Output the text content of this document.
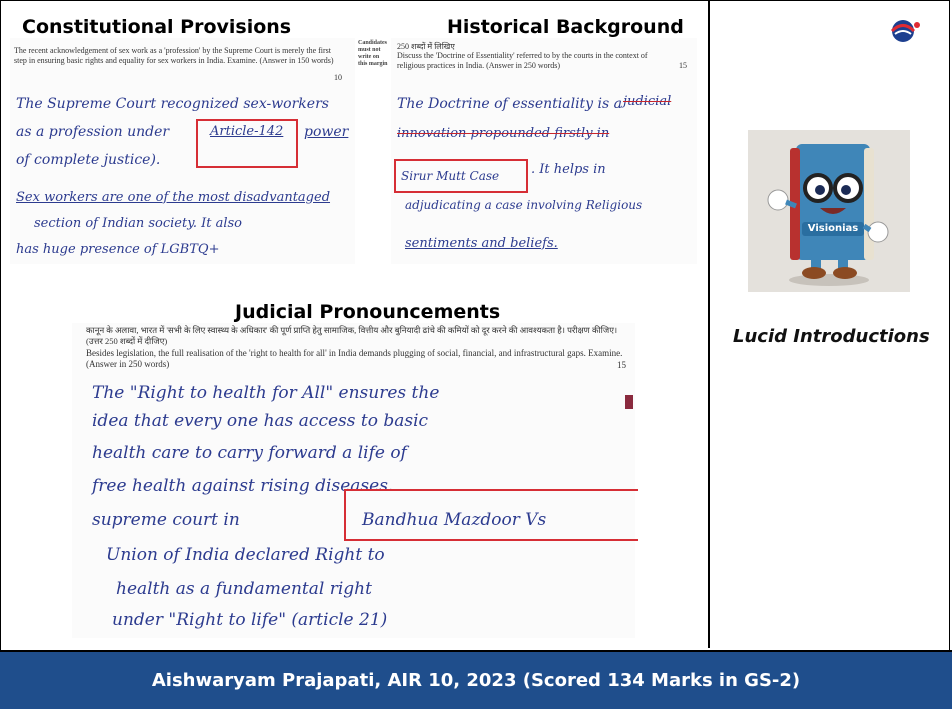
Constitutional Provisions	Historical Background
The recent acknowledgement of sex work as a 'profession' by the Supreme Court is merely the first step in ensuring basic rights and equality for sex workers in India. Examine. (Answer in 150 words)
10
The Supreme Court recognized sex-workers
as a profession under	Article-142 power
of complete justice).
Sex workers are one of the most disadvantaged
section of Indian society. It also
has huge presence of LGBTQ+
Candidates must not write on this margin
250 शब्दों में लिखिए
Discuss the 'Doctrine of Essentiality' referred to by the courts in the context of religious practices in India. (Answer in 250 words)	15
The Doctrine of essentiality is a judicial
innovation propounded firstly in
Sirur Mutt Case . It helps in
adjudicating a case involving Religious
sentiments and beliefs.
Judicial Pronouncements
कानून के अलावा, भारत में 'सभी के लिए स्वास्थ्य के अधिकार' की पूर्ण प्राप्ति हेतु सामाजिक, वित्तीय और बुनियादी ढांचे की कमियों को दूर करने की आवश्यकता है। परीक्षण कीजिए। (उत्तर 250 शब्दों में दीजिए)
Besides legislation, the full realisation of the 'right to health for all' in India demands plugging of social, financial, and infrastructural gaps. Examine. (Answer in 250 words)	15
The "Right to health for All" ensures the
idea that every one has access to basic
health care to carry forward a life of
free health against rising diseases.
supreme court in	Bandhua Mazdoor Vs
Union of India declared Right to
health as a fundamental right
under "Right to life" (article 21)
Visionias
Lucid Introductions
Aishwaryam Prajapati, AIR 10, 2023 (Scored 134 Marks in GS-2)
